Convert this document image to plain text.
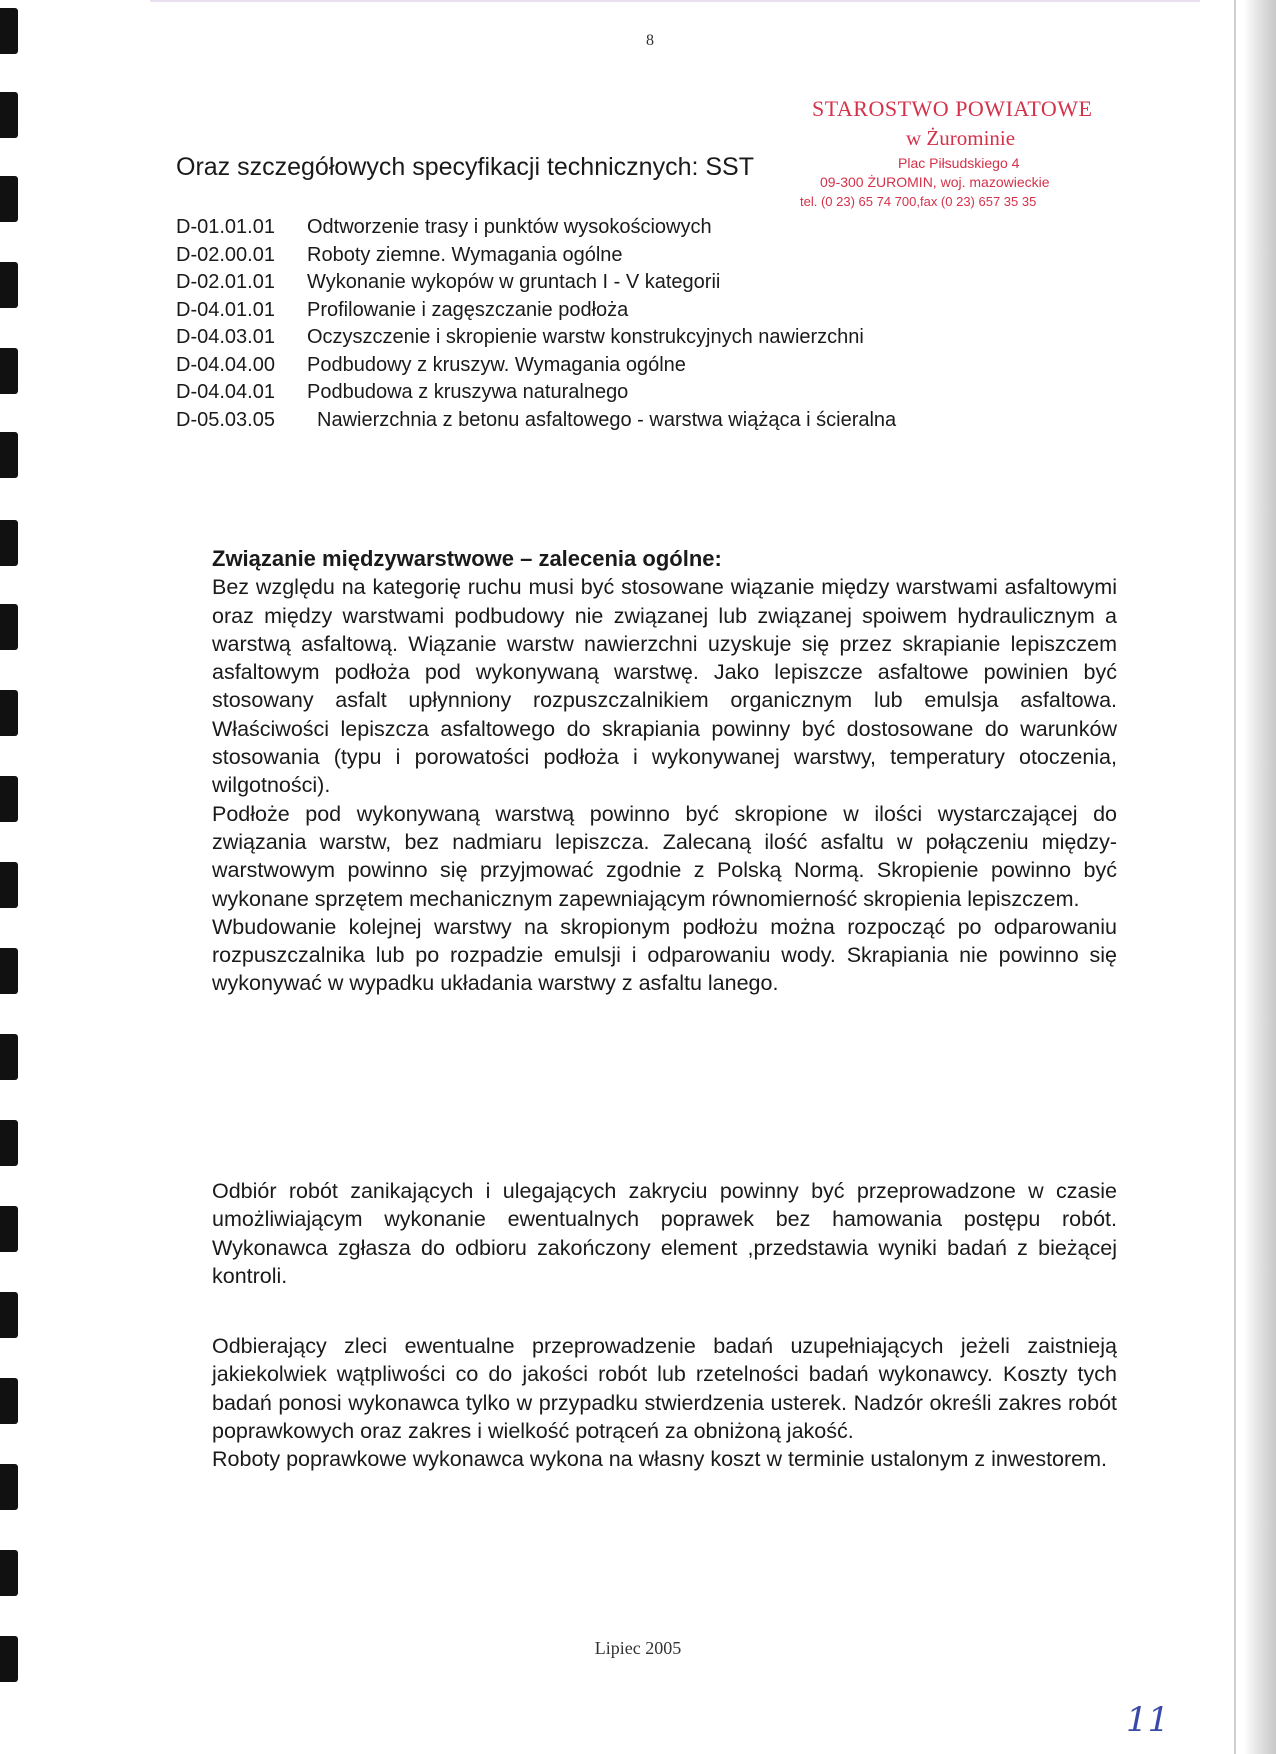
8
STAROSTWO POWIATOWE
w Żurominie
Plac Piłsudskiego 4
09-300 ŻUROMIN, woj. mazowieckie
tel. (0 23) 65 74 700,fax (0 23) 657 35 35
Oraz szczegółowych specyfikacji technicznych: SST
D-01.01.01	Odtworzenie trasy i punktów wysokościowych
D-02.00.01	Roboty ziemne. Wymagania ogólne
D-02.01.01	Wykonanie wykopów w gruntach I - V kategorii
D-04.01.01	Profilowanie i zagęszczanie podłoża
D-04.03.01	Oczyszczenie i skropienie warstw konstrukcyjnych nawierzchni
D-04.04.00	Podbudowy z kruszyw. Wymagania ogólne
D-04.04.01	Podbudowa z kruszywa naturalnego
D-05.03.05	Nawierzchnia z betonu asfaltowego - warstwa wiążąca i ścieralna

Związanie międzywarstwowe – zalecenia ogólne:

Bez względu na kategorię ruchu musi być stosowane wiązanie między warstwami asfaltowymi oraz między warstwami podbudowy nie związanej lub związanej spoiwem hydraulicznym a warstwą asfaltową. Wiązanie warstw nawierzchni uzyskuje się przez skrapianie lepiszczem asfaltowym podłoża pod wykonywaną warstwę. Jako lepiszcze asfaltowe powinien być stosowany asfalt upłynniony rozpuszczalnikiem organicznym lub emulsja asfaltowa. Właściwości lepiszcza asfaltowego do skrapiania powinny być dostosowane do warunków stosowania (typu i porowatości podłoża i wykonywanej warstwy, temperatury otoczenia, wilgotności).

Podłoże pod wykonywaną warstwą powinno być skropione w ilości wystarczającej do związania warstw, bez nadmiaru lepiszcza. Zalecaną ilość asfaltu w połączeniu między-warstwowym powinno się przyjmować zgodnie z Polską Normą. Skropienie powinno być wykonane sprzętem mechanicznym zapewniającym równomierność skropienia lepiszczem.

Wbudowanie kolejnej warstwy na skropionym podłożu można rozpocząć po odparowaniu rozpuszczalnika lub po rozpadzie emulsji i odparowaniu wody. Skrapiania nie powinno się wykonywać w wypadku układania warstwy z asfaltu lanego.

Odbiór robót zanikających i ulegających zakryciu powinny być przeprowadzone w czasie umożliwiającym wykonanie ewentualnych poprawek bez hamowania postępu robót. Wykonawca zgłasza do odbioru zakończony element ,przedstawia wyniki badań z bieżącej kontroli.

Odbierający zleci ewentualne przeprowadzenie badań uzupełniających jeżeli zaistnieją jakiekolwiek wątpliwości co do jakości robót lub rzetelności badań wykonawcy. Koszty tych badań ponosi wykonawca tylko w przypadku stwierdzenia usterek. Nadzór określi zakres robót poprawkowych oraz zakres i wielkość potrąceń za obniżoną jakość.

Roboty poprawkowe wykonawca wykona na własny koszt w terminie ustalonym z inwestorem.

Lipiec 2005
11
